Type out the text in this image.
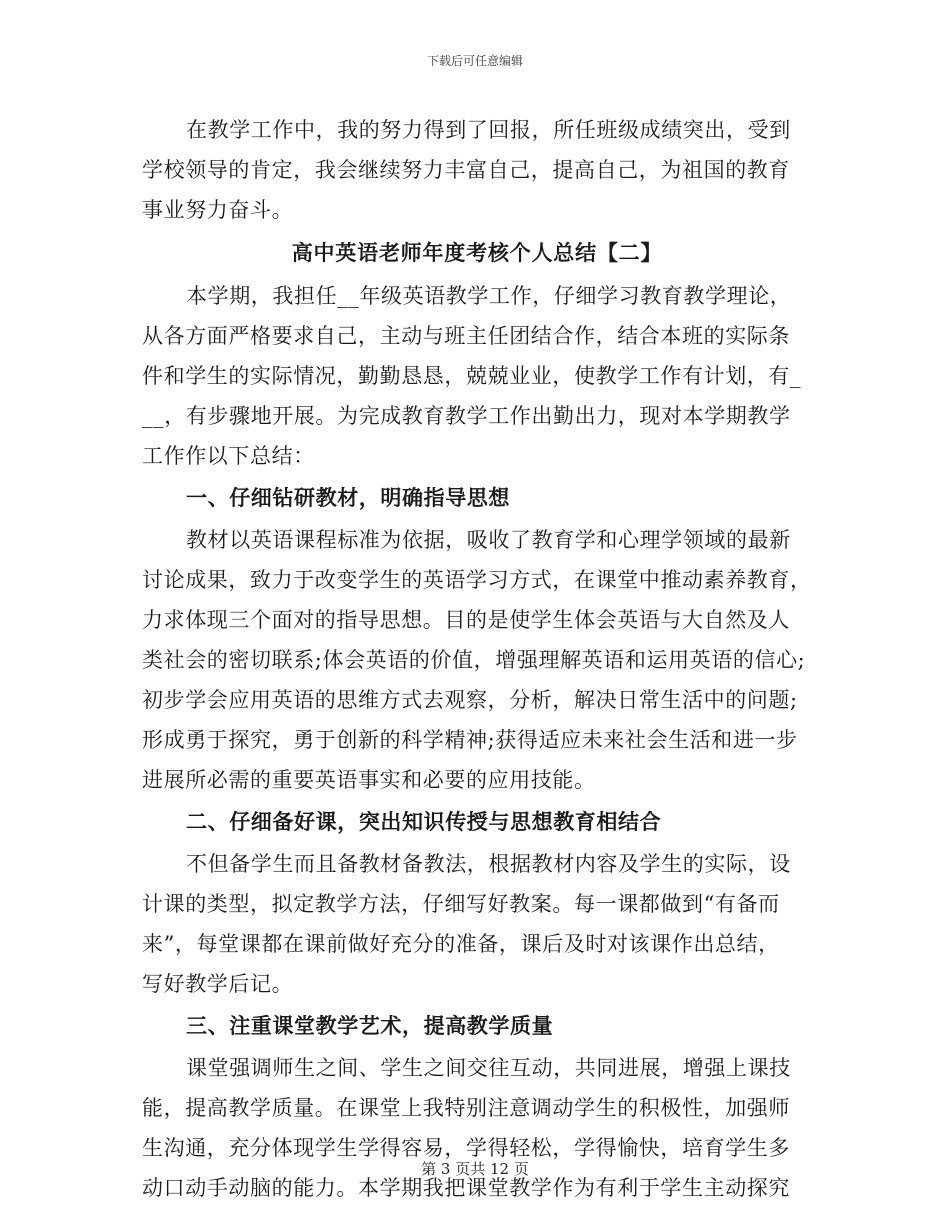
下载后可任意编辑
在教学工作中，我的努力得到了回报，所任班级成绩突出，受到
学校领导的肯定，我会继续努力丰富自己，提高自己，为祖国的教育
事业努力奋斗。
高中英语老师年度考核个人总结【二】
本学期，我担任__年级英语教学工作，仔细学习教育教学理论，
从各方面严格要求自己，主动与班主任团结合作，结合本班的实际条
件和学生的实际情况，勤勤恳恳，兢兢业业，使教学工作有计划，有_
__，有步骤地开展。为完成教育教学工作出勤出力，现对本学期教学
工作作以下总结：
一、仔细钻研教材，明确指导思想
教材以英语课程标准为依据，吸收了教育学和心理学领域的最新
讨论成果，致力于改变学生的英语学习方式，在课堂中推动素养教育，
力求体现三个面对的指导思想。目的是使学生体会英语与大自然及人
类社会的密切联系;体会英语的价值，增强理解英语和运用英语的信心;
初步学会应用英语的思维方式去观察，分析，解决日常生活中的问题;
形成勇于探究，勇于创新的科学精神;获得适应未来社会生活和进一步
进展所必需的重要英语事实和必要的应用技能。
二、仔细备好课，突出知识传授与思想教育相结合
不但备学生而且备教材备教法，根据教材内容及学生的实际，设
计课的类型，拟定教学方法，仔细写好教案。每一课都做到“有备而
来”，每堂课都在课前做好充分的准备，课后及时对该课作出总结，
写好教学后记。
三、注重课堂教学艺术，提高教学质量
课堂强调师生之间、学生之间交往互动，共同进展，增强上课技
能，提高教学质量。在课堂上我特别注意调动学生的积极性，加强师
生沟通，充分体现学生学得容易，学得轻松，学得愉快，培育学生多
动口动手动脑的能力。本学期我把课堂教学作为有利于学生主动探究
第 3 页共 12 页
